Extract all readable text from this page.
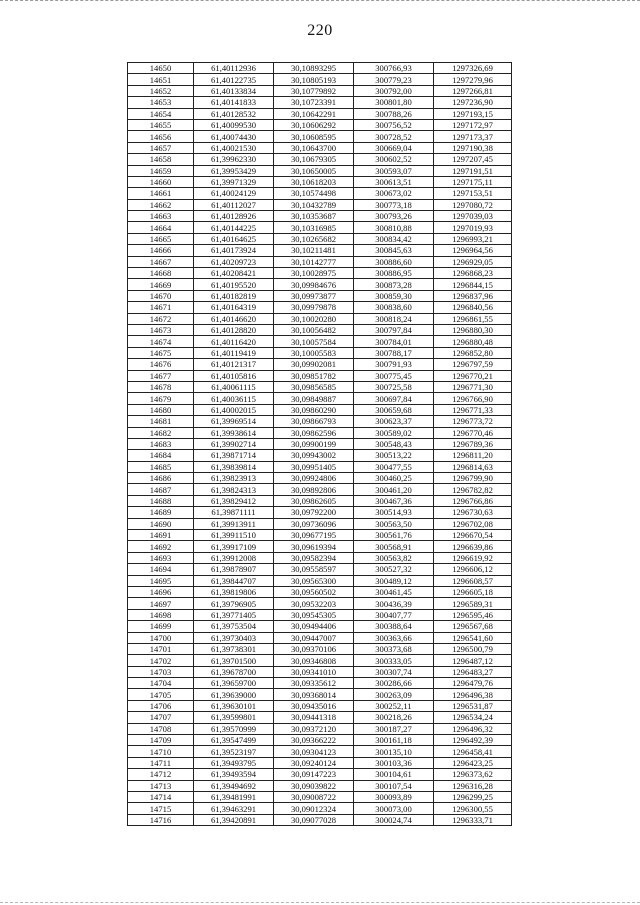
220
14650	61,40112936	30,10893295	300766,93	1297326,69
14651	61,40122735	30,10805193	300779,23	1297279,96
14652	61,40133834	30,10779892	300792,00	1297266,81
14653	61,40141833	30,10723391	300801,80	1297236,90
14654	61,40128532	30,10642291	300788,26	1297193,15
14655	61,40099530	30,10606292	300756,52	1297172,97
14656	61,40074430	30,10608595	300728,52	1297173,37
14657	61,40021530	30,10643700	300669,04	1297190,38
14658	61,39962330	30,10679305	300602,52	1297207,45
14659	61,39953429	30,10650005	300593,07	1297191,51
14660	61,39971329	30,10618203	300613,51	1297175,11
14661	61,40024129	30,10574498	300673,02	1297153,51
14662	61,40112027	30,10432789	300773,18	1297080,72
14663	61,40128926	30,10353687	300793,26	1297039,03
14664	61,40144225	30,10316985	300810,88	1297019,93
14665	61,40164625	30,10265682	300834,42	1296993,21
14666	61,40173924	30,10211481	300845,63	1296964,56
14667	61,40209723	30,10142777	300886,60	1296929,05
14668	61,40208421	30,10028975	300886,95	1296868,23
14669	61,40195520	30,09984676	300873,28	1296844,15
14670	61,40182819	30,09973877	300859,30	1296837,96
14671	61,40164319	30,09979878	300838,60	1296840,56
14672	61,40146620	30,10020280	300818,24	1296861,55
14673	61,40128820	30,10056482	300797,84	1296880,30
14674	61,40116420	30,10057584	300784,01	1296880,48
14675	61,40119419	30,10005583	300788,17	1296852,80
14676	61,40121317	30,09902081	300791,93	1296797,59
14677	61,40105816	30,09851782	300775,45	1296770,21
14678	61,40061115	30,09856585	300725,58	1296771,30
14679	61,40036115	30,09849887	300697,84	1296766,90
14680	61,40002015	30,09860290	300659,68	1296771,33
14681	61,39969514	30,09866793	300623,37	1296773,72
14682	61,39938614	30,09862596	300589,02	1296770,46
14683	61,39902714	30,09900199	300548,43	1296789,36
14684	61,39871714	30,09943002	300513,22	1296811,20
14685	61,39839814	30,09951405	300477,55	1296814,63
14686	61,39823913	30,09924806	300460,25	1296799,90
14687	61,39824313	30,09892806	300461,20	1296782,82
14688	61,39829412	30,09862605	300467,36	1296766,86
14689	61,39871111	30,09792200	300514,93	1296730,63
14690	61,39913911	30,09736096	300563,50	1296702,08
14691	61,39911510	30,09677195	300561,76	1296670,54
14692	61,39917109	30,09619394	300568,91	1296639,86
14693	61,39912008	30,09582394	300563,82	1296619,92
14694	61,39878907	30,09558597	300527,32	1296606,12
14695	61,39844707	30,09565300	300489,12	1296608,57
14696	61,39819806	30,09560502	300461,45	1296605,18
14697	61,39796905	30,09532203	300436,39	1296589,31
14698	61,39771405	30,09545305	300407,77	1296595,46
14699	61,39753504	30,09494406	300388,64	1296567,68
14700	61,39730403	30,09447007	300363,66	1296541,60
14701	61,39738301	30,09370106	300373,68	1296500,79
14702	61,39701500	30,09346808	300333,05	1296487,12
14703	61,39678700	30,09341010	300307,74	1296483,27
14704	61,39659700	30,09335612	300286,66	1296479,76
14705	61,39639000	30,09368014	300263,09	1296496,38
14706	61,39630101	30,09435016	300252,11	1296531,87
14707	61,39599801	30,09441318	300218,26	1296534,24
14708	61,39570999	30,09372120	300187,27	1296496,32
14709	61,39547499	30,09366222	300161,18	1296492,39
14710	61,39523197	30,09304123	300135,10	1296458,41
14711	61,39493795	30,09240124	300103,36	1296423,25
14712	61,39493594	30,09147223	300104,61	1296373,62
14713	61,39494692	30,09039822	300107,54	1296316,28
14714	61,39481991	30,09008722	300093,89	1296299,25
14715	61,39463291	30,09012324	300073,00	1296300,55
14716	61,39420891	30,09077028	300024,74	1296333,71
